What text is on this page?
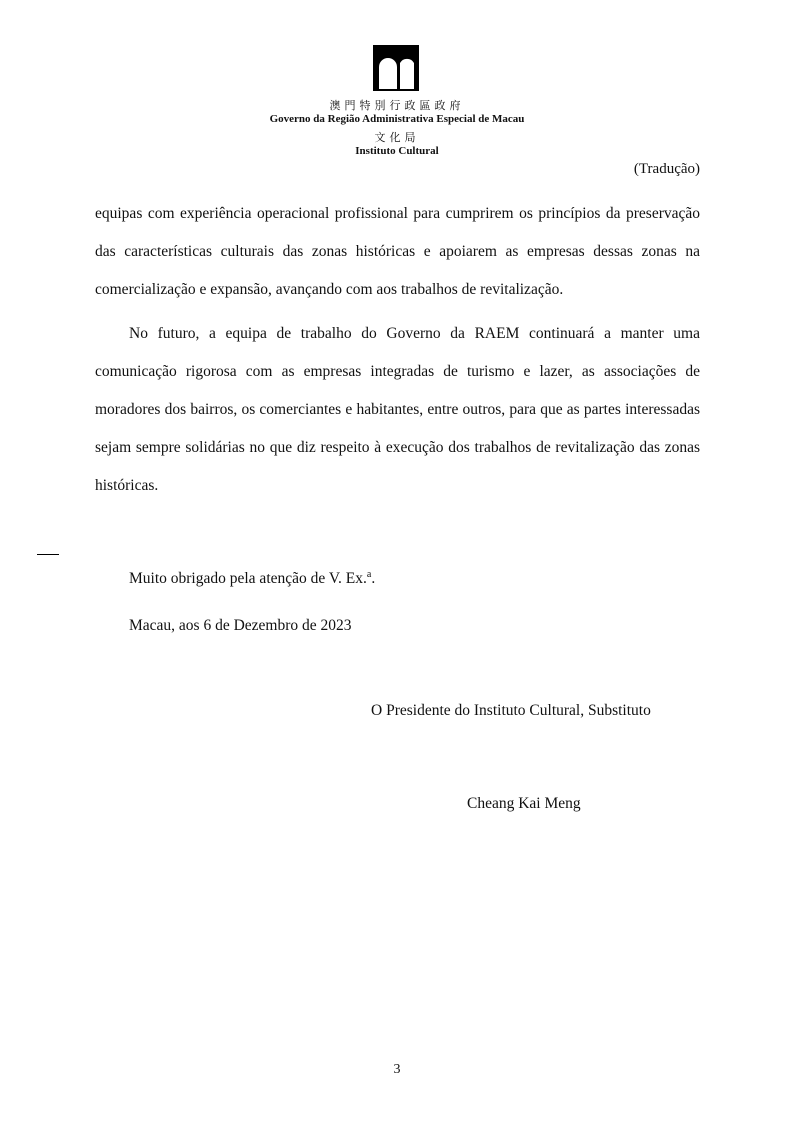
澳門特別行政區政府
Governo da Região Administrativa Especial de Macau
文化局
Instituto Cultural
(Tradução)

equipas com experiência operacional profissional para cumprirem os princípios da preservação das características culturais das zonas históricas e apoiarem as empresas dessas zonas na comercialização e expansão, avançando com aos trabalhos de revitalização.

No futuro, a equipa de trabalho do Governo da RAEM continuará a manter uma comunicação rigorosa com as empresas integradas de turismo e lazer, as associações de moradores dos bairros, os comerciantes e habitantes, entre outros, para que as partes interessadas sejam sempre solidárias no que diz respeito à execução dos trabalhos de revitalização das zonas históricas.

Muito obrigado pela atenção de V. Ex.$^a$.
Macau, aos 6 de Dezembro de 2023
O Presidente do Instituto Cultural, Substituto
Cheang Kai Meng
3
